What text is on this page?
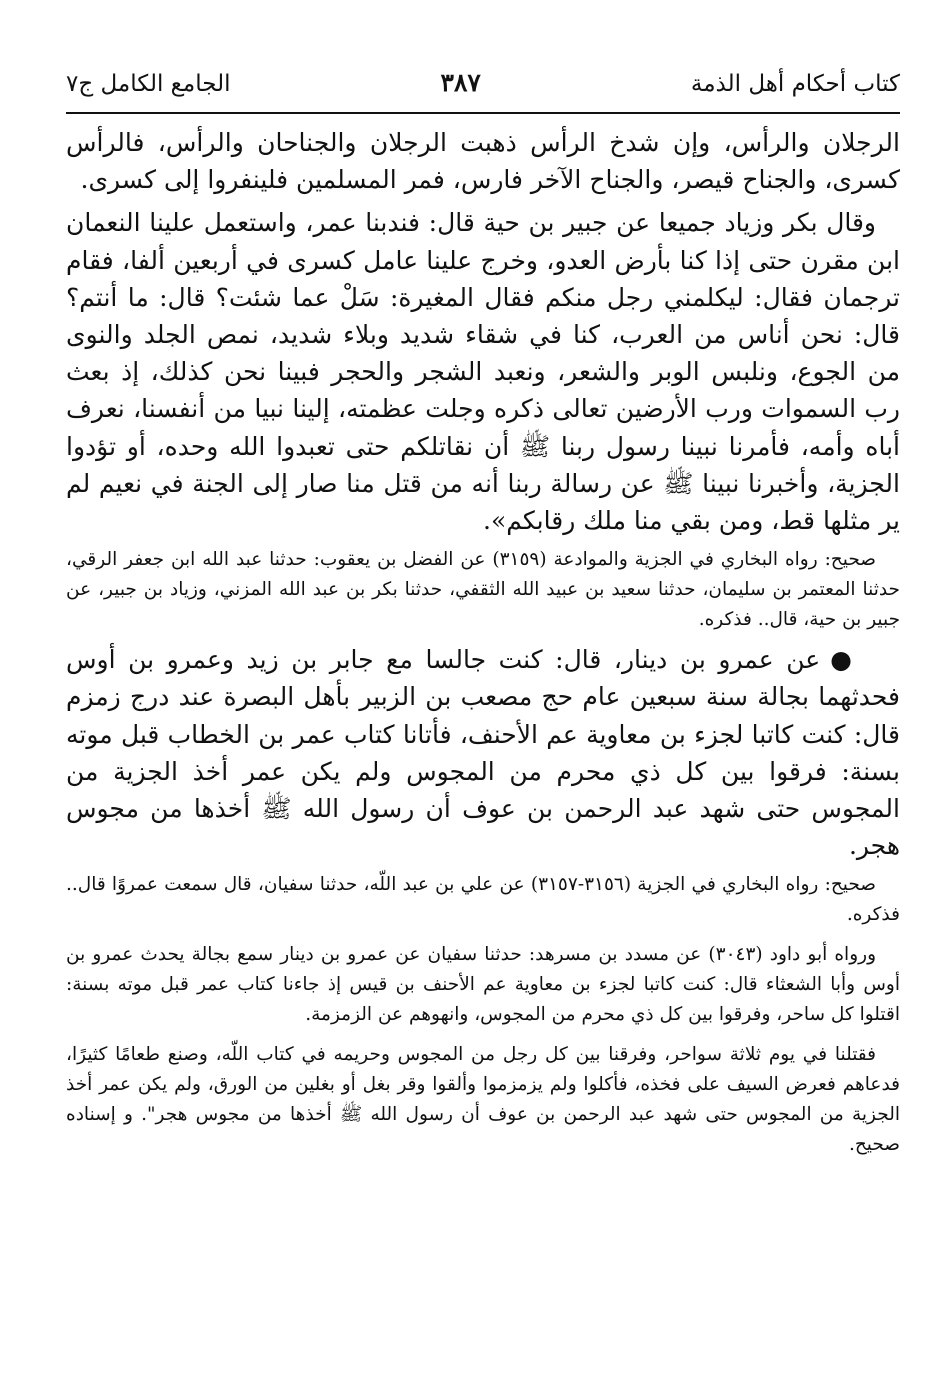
كتاب أحكام أهل الذمة
٣٨٧
الجامع الكامل ج٧

الرجلان والرأس، وإن شدخ الرأس ذهبت الرجلان والجناحان والرأس، فالرأس كسرى، والجناح قيصر، والجناح الآخر فارس، فمر المسلمين فلينفروا إلى كسرى.

وقال بكر وزياد جميعا عن جبير بن حية قال: فندبنا عمر، واستعمل علينا النعمان ابن مقرن حتى إذا كنا بأرض العدو، وخرج علينا عامل كسرى في أربعين ألفا، فقام ترجمان فقال: ليكلمني رجل منكم فقال المغيرة: سَلْ عما شئت؟ قال: ما أنتم؟ قال: نحن أناس من العرب، كنا في شقاء شديد وبلاء شديد، نمص الجلد والنوى من الجوع، ونلبس الوبر والشعر، ونعبد الشجر والحجر فبينا نحن كذلك، إذ بعث رب السموات ورب الأرضين تعالى ذكره وجلت عظمته، إلينا نبيا من أنفسنا، نعرف أباه وأمه، فأمرنا نبينا رسول ربنا ﷺ أن نقاتلكم حتى تعبدوا الله وحده، أو تؤدوا الجزية، وأخبرنا نبينا ﷺ عن رسالة ربنا أنه من قتل منا صار إلى الجنة في نعيم لم ير مثلها قط، ومن بقي منا ملك رقابكم».

صحيح: رواه البخاري في الجزية والموادعة (٣١٥٩) عن الفضل بن يعقوب: حدثنا عبد الله ابن جعفر الرقي، حدثنا المعتمر بن سليمان، حدثنا سعيد بن عبيد الله الثقفي، حدثنا بكر بن عبد الله المزني، وزياد بن جبير، عن جبير بن حية، قال.. فذكره.

●عن عمرو بن دينار، قال: كنت جالسا مع جابر بن زيد وعمرو بن أوس فحدثهما بجالة سنة سبعين عام حج مصعب بن الزبير بأهل البصرة عند درج زمزم قال: كنت كاتبا لجزء بن معاوية عم الأحنف، فأتانا كتاب عمر بن الخطاب قبل موته بسنة: فرقوا بين كل ذي محرم من المجوس ولم يكن عمر أخذ الجزية من المجوس حتى شهد عبد الرحمن بن عوف أن رسول الله ﷺ أخذها من مجوس هجر.

صحيح: رواه البخاري في الجزية (٣١٥٦-٣١٥٧) عن علي بن عبد اللّه، حدثنا سفيان، قال سمعت عمروًا قال.. فذكره.

ورواه أبو داود (٣٠٤٣) عن مسدد بن مسرهد: حدثنا سفيان عن عمرو بن دينار سمع بجالة يحدث عمرو بن أوس وأبا الشعثاء قال: كنت كاتبا لجزء بن معاوية عم الأحنف بن قيس إذ جاءنا كتاب عمر قبل موته بسنة: اقتلوا كل ساحر، وفرقوا بين كل ذي محرم من المجوس، وانهوهم عن الزمزمة.

فقتلنا في يوم ثلاثة سواحر، وفرقنا بين كل رجل من المجوس وحريمه في كتاب اللّه، وصنع طعامًا كثيرًا، فدعاهم فعرض السيف على فخذه، فأكلوا ولم يزمزموا وألقوا وقر بغل أو بغلين من الورق، ولم يكن عمر أخذ الجزية من المجوس حتى شهد عبد الرحمن بن عوف أن رسول الله ﷺ أخذها من مجوس هجر". و إسناده صحيح.
